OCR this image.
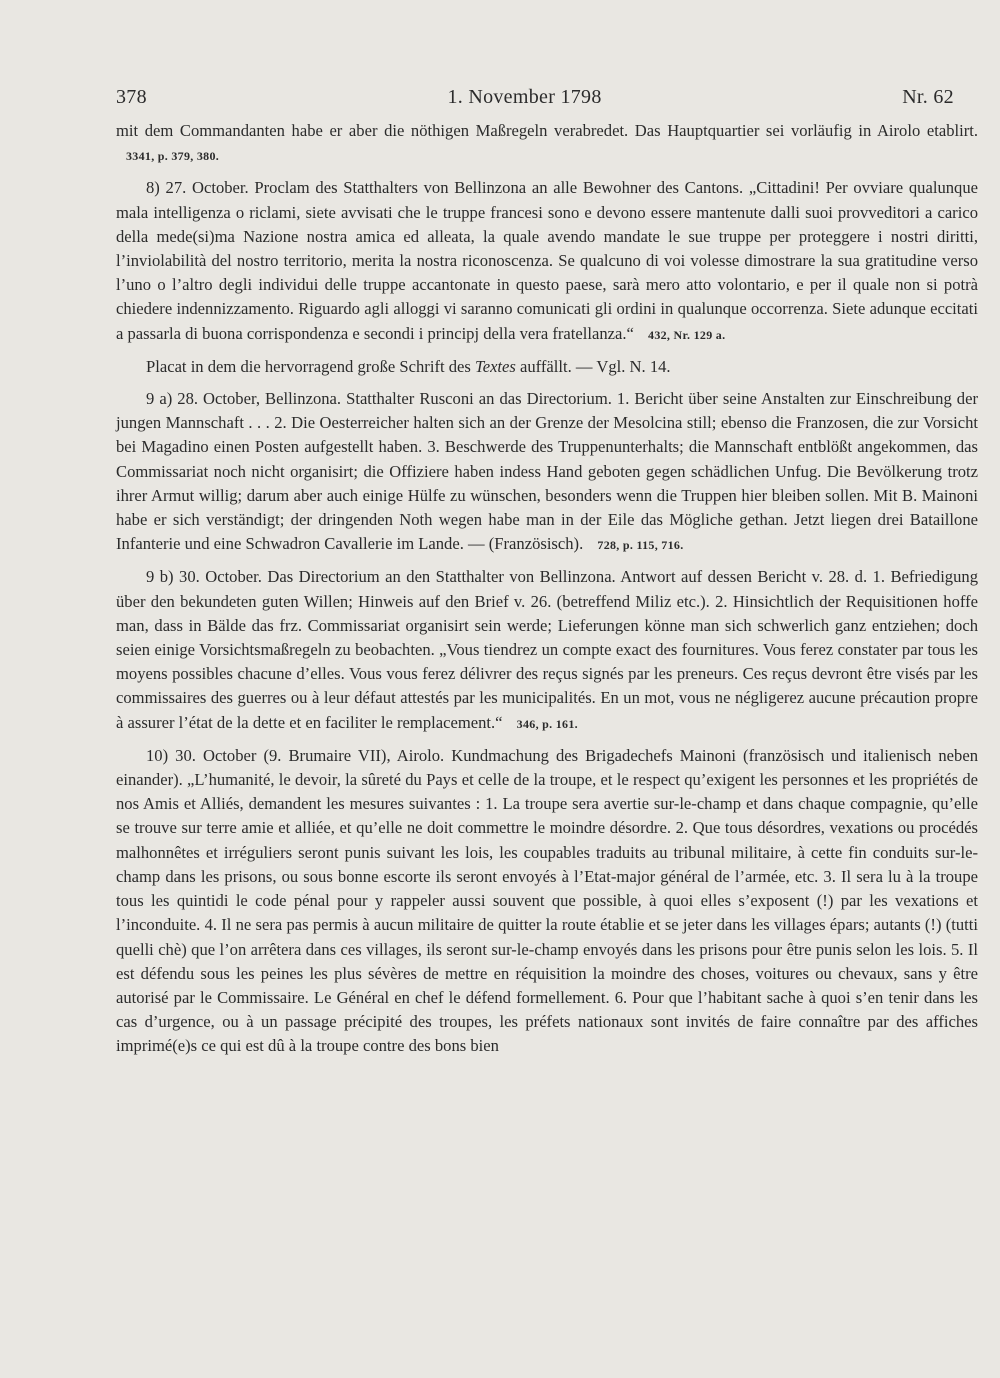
378	1. November 1798	Nr. 62

mit dem Commandanten habe er aber die nöthigen Maßregeln verabredet. Das Hauptquartier sei vorläufig in Airolo etablirt. 3341, p. 379, 380.

8) 27. October. Proclam des Statthalters von Bellinzona an alle Bewohner des Cantons. „Cittadini! Per ovviare qualunque mala intelligenza o riclami, siete avvisati che le truppe francesi sono e devono essere mantenute dalli suoi provveditori a carico della mede(si)ma Nazione nostra amica ed alleata, la quale avendo mandate le sue truppe per proteggere i nostri diritti, l’inviolabilità del nostro territorio, merita la nostra riconoscenza. Se qualcuno di voi volesse dimostrare la sua gratitudine verso l’uno o l’altro degli individui delle truppe accantonate in questo paese, sarà mero atto volontario, e per il quale non si potrà chiedere indennizzamento. Riguardo agli alloggi vi saranno comunicati gli ordini in qualunque occorrenza. Siete adunque eccitati a passarla di buona corrispondenza e secondi i principj della vera fratellanza.“ 432, Nr. 129 a.

Placat in dem die hervorragend große Schrift des Textes auffällt. — Vgl. N. 14.

9 a) 28. October, Bellinzona. Statthalter Rusconi an das Directorium. 1. Bericht über seine Anstalten zur Einschreibung der jungen Mannschaft . . . 2. Die Oesterreicher halten sich an der Grenze der Mesolcina still; ebenso die Franzosen, die zur Vorsicht bei Magadino einen Posten aufgestellt haben. 3. Beschwerde des Truppenunterhalts; die Mannschaft entblößt angekommen, das Commissariat noch nicht organisirt; die Offiziere haben indess Hand geboten gegen schädlichen Unfug. Die Bevölkerung trotz ihrer Armut willig; darum aber auch einige Hülfe zu wünschen, besonders wenn die Truppen hier bleiben sollen. Mit B. Mainoni habe er sich verständigt; der dringenden Noth wegen habe man in der Eile das Mögliche gethan. Jetzt liegen drei Bataillone Infanterie und eine Schwadron Cavallerie im Lande. — (Französisch). 728, p. 115, 716.

9 b) 30. October. Das Directorium an den Statthalter von Bellinzona. Antwort auf dessen Bericht v. 28. d. 1. Befriedigung über den bekundeten guten Willen; Hinweis auf den Brief v. 26. (betreffend Miliz etc.). 2. Hinsichtlich der Requisitionen hoffe man, dass in Bälde das frz. Commissariat organisirt sein werde; Lieferungen könne man sich schwerlich ganz entziehen; doch seien einige Vorsichtsmaßregeln zu beobachten. „Vous tiendrez un compte exact des fournitures. Vous ferez constater par tous les moyens possibles chacune d’elles. Vous vous ferez délivrer des reçus signés par les preneurs. Ces reçus devront être visés par les commissaires des guerres ou à leur défaut attestés par les municipalités. En un mot, vous ne négligerez aucune précaution propre à assurer l’état de la dette et en faciliter le remplacement.“ 346, p. 161.

10) 30. October (9. Brumaire VII), Airolo. Kundmachung des Brigadechefs Mainoni (französisch und italienisch neben einander). „L’humanité, le devoir, la sûreté du Pays et celle de la troupe, et le respect qu’exigent les personnes et les propriétés de nos Amis et Alliés, demandent les mesures suivantes : 1. La troupe sera avertie sur-le-champ et dans chaque compagnie, qu’elle se trouve sur terre amie et alliée, et qu’elle ne doit commettre le moindre désordre. 2. Que tous désordres, vexations ou procédés malhonnêtes et irréguliers seront punis suivant les lois, les coupables traduits au tribunal militaire, à cette fin conduits sur-le-champ dans les prisons, ou sous bonne escorte ils seront envoyés à l’Etat-major général de l’armée, etc. 3. Il sera lu à la troupe tous les quintidi le code pénal pour y rappeler aussi souvent que possible, à quoi elles s’exposent (!) par les vexations et l’inconduite. 4. Il ne sera pas permis à aucun militaire de quitter la route établie et se jeter dans les villages épars; autants (!) (tutti quelli chè) que l’on arrêtera dans ces villages, ils seront sur-le-champ envoyés dans les prisons pour être punis selon les lois. 5. Il est défendu sous les peines les plus sévères de mettre en réquisition la moindre des choses, voitures ou chevaux, sans y être autorisé par le Commissaire. Le Général en chef le défend formellement. 6. Pour que l’habitant sache à quoi s’en tenir dans les cas d’urgence, ou à un passage précipité des troupes, les préfets nationaux sont invités de faire connaître par des affiches imprimé(e)s ce qui est dû à la troupe contre des bons bien
